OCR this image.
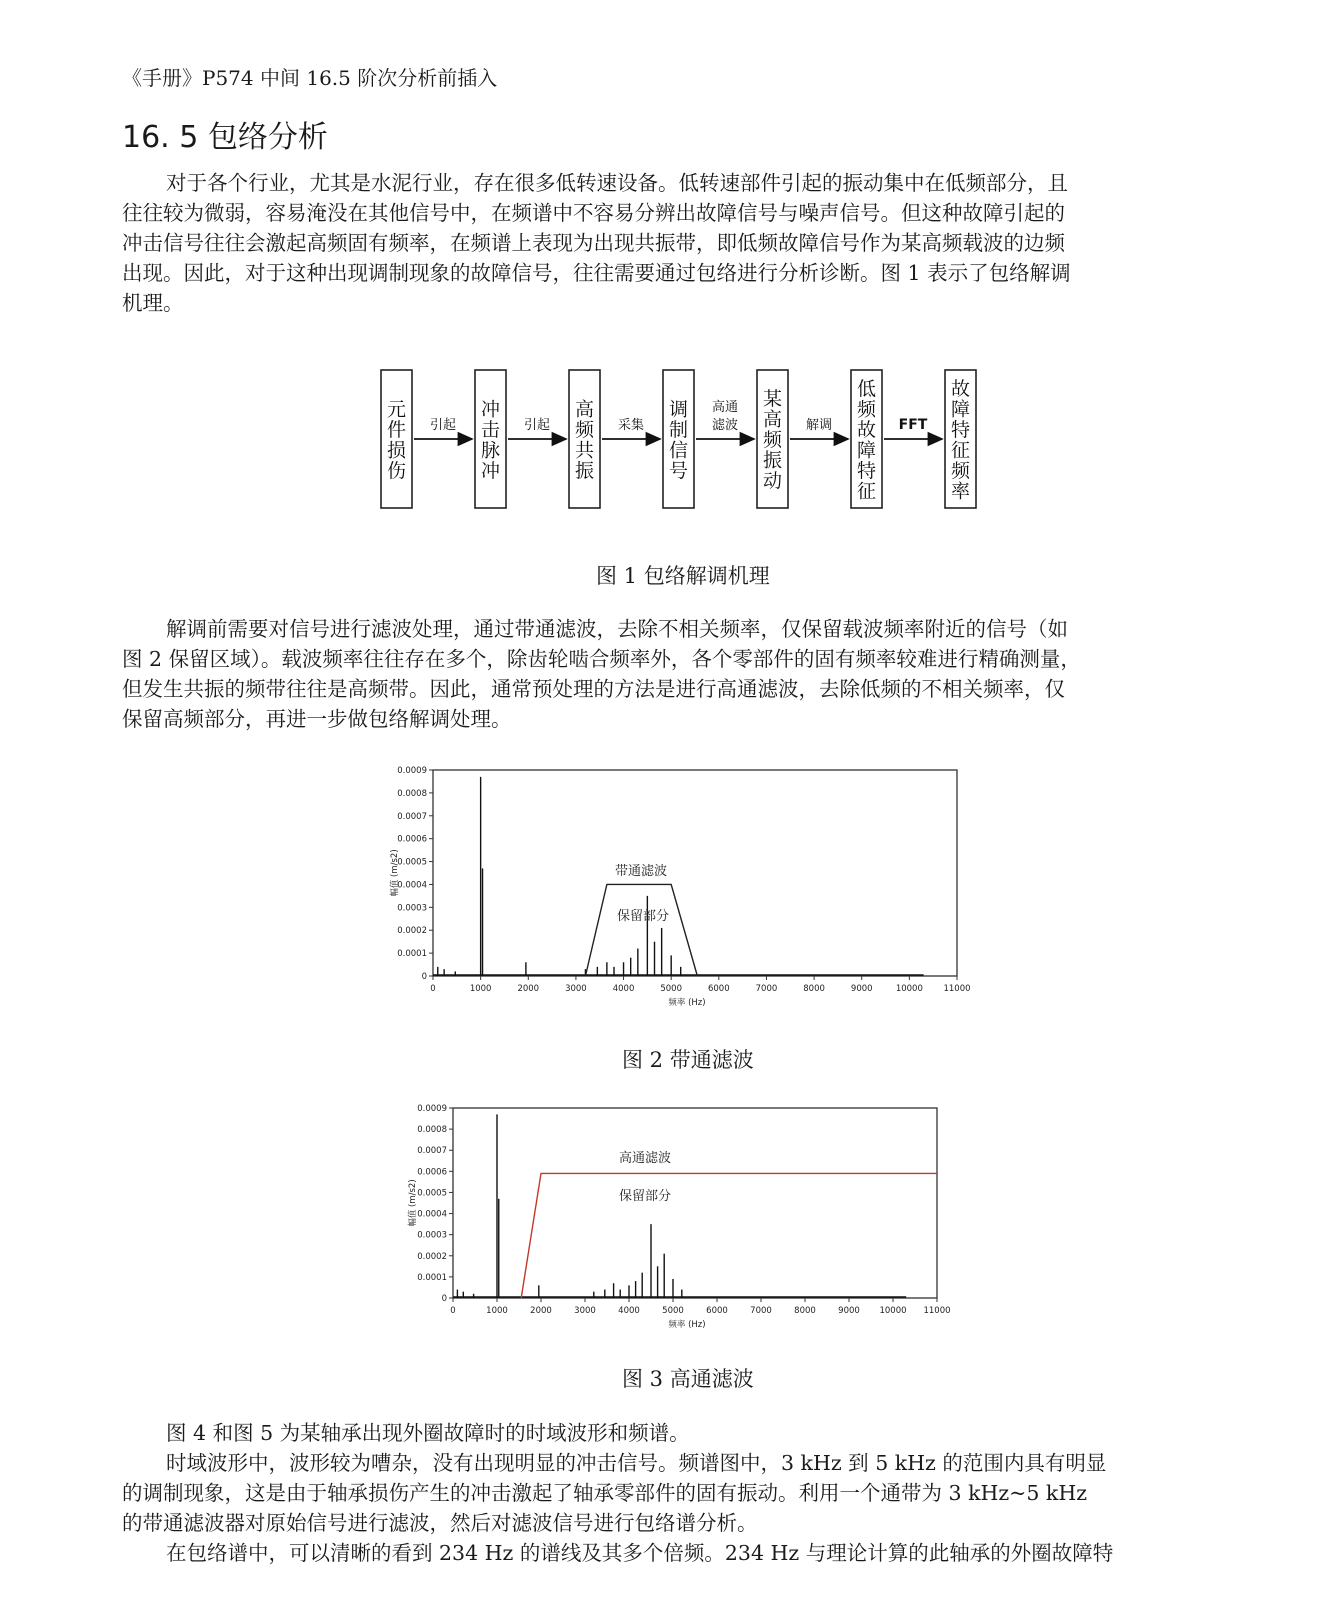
《手册》P574 中间 16.5 阶次分析前插入
16. 5 包络分析
对于各个行业，尤其是水泥行业，存在很多低转速设备。低转速部件引起的振动集中在低频部分，且
往往较为微弱，容易淹没在其他信号中，在频谱中不容易分辨出故障信号与噪声信号。但这种故障引起的
冲击信号往往会激起高频固有频率，在频谱上表现为出现共振带，即低频故障信号作为某高频载波的边频
出现。因此，对于这种出现调制现象的故障信号，往往需要通过包络进行分析诊断。图 1 表示了包络解调
机理。
元
件
损
伤
冲
击
脉
冲
高
频
共
振
调
制
信
号
某
高
频
振
动
低
频
故
障
特
征
故
障
特
征
频
率
引起	引起	采集
高通
滤波	解调	FFT
图 1 包络解调机理
解调前需要对信号进行滤波处理，通过带通滤波，去除不相关频率，仅保留载波频率附近的信号（如
图 2 保留区域）。载波频率往往存在多个，除齿轮啮合频率外，各个零部件的固有频率较难进行精确测量，
但发生共振的频带往往是高频带。因此，通常预处理的方法是进行高通滤波，去除低频的不相关频率，仅
保留高频部分，再进一步做包络解调处理。
0
0.0001
0.0002
0.0003
0.0004
0.0005
0.0006
0.0007
0.0008
0.0009
0	1000	2000	3000	4000	5000	6000	7000	8000	9000	10000 11000
频率 (Hz)
幅值 (m/s2)	带通滤波
保留部分
图 2 带通滤波
0
0.0001
0.0002
0.0003
0.0004
0.0005
0.0006
0.0007
0.0008
0.0009
0	1000	2000	3000	4000	5000	6000	7000	8000	9000 10000 11000
频率 (Hz)
幅值 (m/s2)
高通滤波
保留部分
图 3 高通滤波
图 4 和图 5 为某轴承出现外圈故障时的时域波形和频谱。
时域波形中，波形较为嘈杂，没有出现明显的冲击信号。频谱图中，3 kHz 到 5 kHz 的范围内具有明显
的调制现象，这是由于轴承损伤产生的冲击激起了轴承零部件的固有振动。利用一个通带为 3 kHz~5 kHz
的带通滤波器对原始信号进行滤波，然后对滤波信号进行包络谱分析。
在包络谱中，可以清晰的看到 234 Hz 的谱线及其多个倍频。234 Hz 与理论计算的此轴承的外圈故障特
